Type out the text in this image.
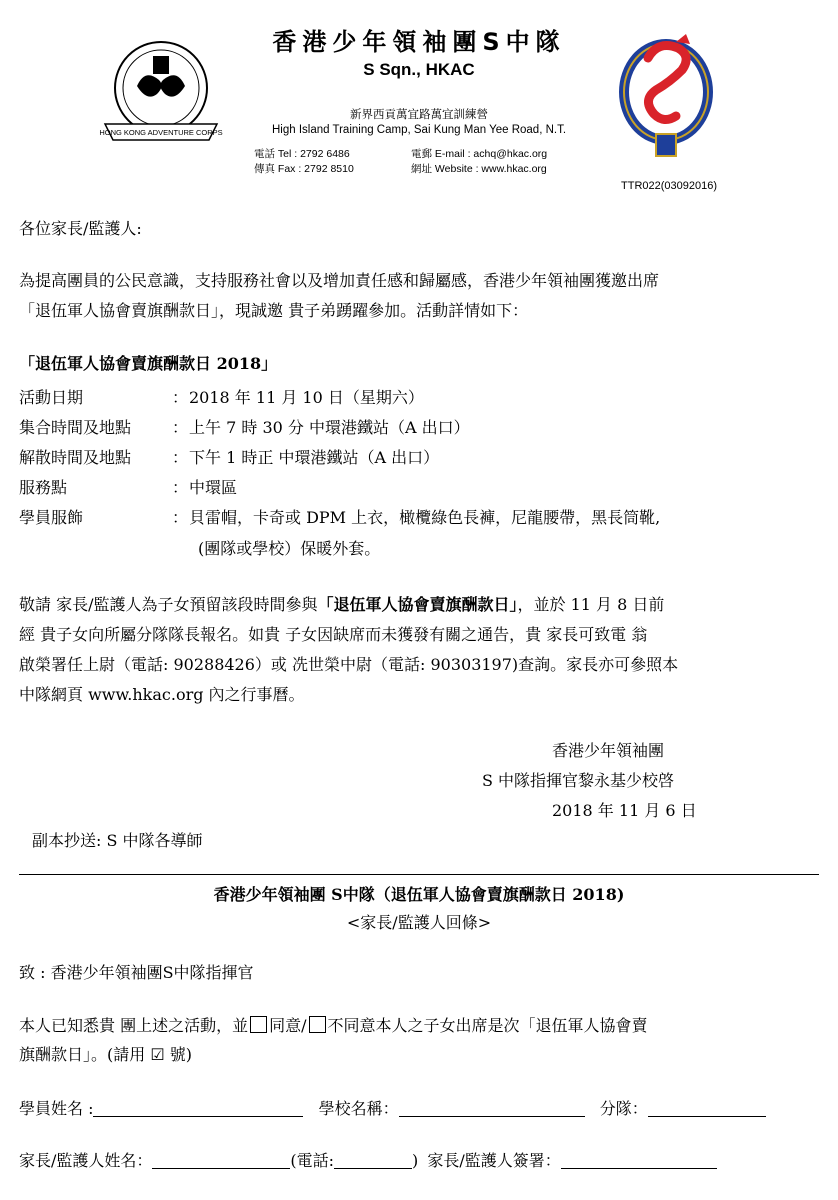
HONG KONG ADVENTURE CORPS
香港少年領袖團S中隊
S Sqn., HKAC
新界西貢萬宜路萬宜訓練營
High Island Training Camp, Sai Kung Man Yee Road, N.T.
電話 Tel : 2792 6486
傳真 Fax : 2792 8510
電郵 E-mail : achq@hkac.org
網址 Website : www.hkac.org
TTR022(03092016)
各位家長/監護人:
為提高團員的公民意識，支持服務社會以及增加責任感和歸屬感，香港少年領袖團獲邀出席
「退伍軍人協會賣旗酬款日」，現誠邀 貴子弟踴躍參加。活動詳情如下：
「退伍軍人協會賣旗酬款日 2018」
活動日期	： 2018 年 11 月 10 日（星期六）
集合時間及地點	： 上午 7 時 30 分 中環港鐵站（A 出口）
解散時間及地點	： 下午 1 時正 中環港鐵站（A 出口）
服務點	： 中環區
學員服飾	： 貝雷帽，卡奇或 DPM 上衣，橄欖綠色長褲，尼龍腰帶，黑長筒靴,
(團隊或學校）保暖外套。
敬請 家長/監護人為子女預留該段時間參與「退伍軍人協會賣旗酬款日」，並於 11 月 8 日前
經 貴子女向所屬分隊隊長報名。如貴 子女因缺席而未獲發有關之通告，貴 家長可致電 翁
啟榮署任上尉（電話: 90288426）或 冼世榮中尉（電話: 90303197)查詢。家長亦可參照本
中隊網頁 www.hkac.org 內之行事曆。
香港少年領袖團
S 中隊指揮官黎永基少校啓
2018 年 11 月 6 日
副本抄送: S 中隊各導師
香港少年領袖團 S中隊（退伍軍人協會賣旗酬款日 2018)
<家長/監護人回條>
致 : 香港少年領袖團S中隊指揮官
本人已知悉貴 團上述之活動，並 同意/ 不同意本人之子女出席是次「退伍軍人協會賣
旗酬款日」。(請用 ☑ 號)
學員姓名 :	學校名稱：	分隊：
家長/監護人姓名：	(電話:	) 家長/監護人簽署：
